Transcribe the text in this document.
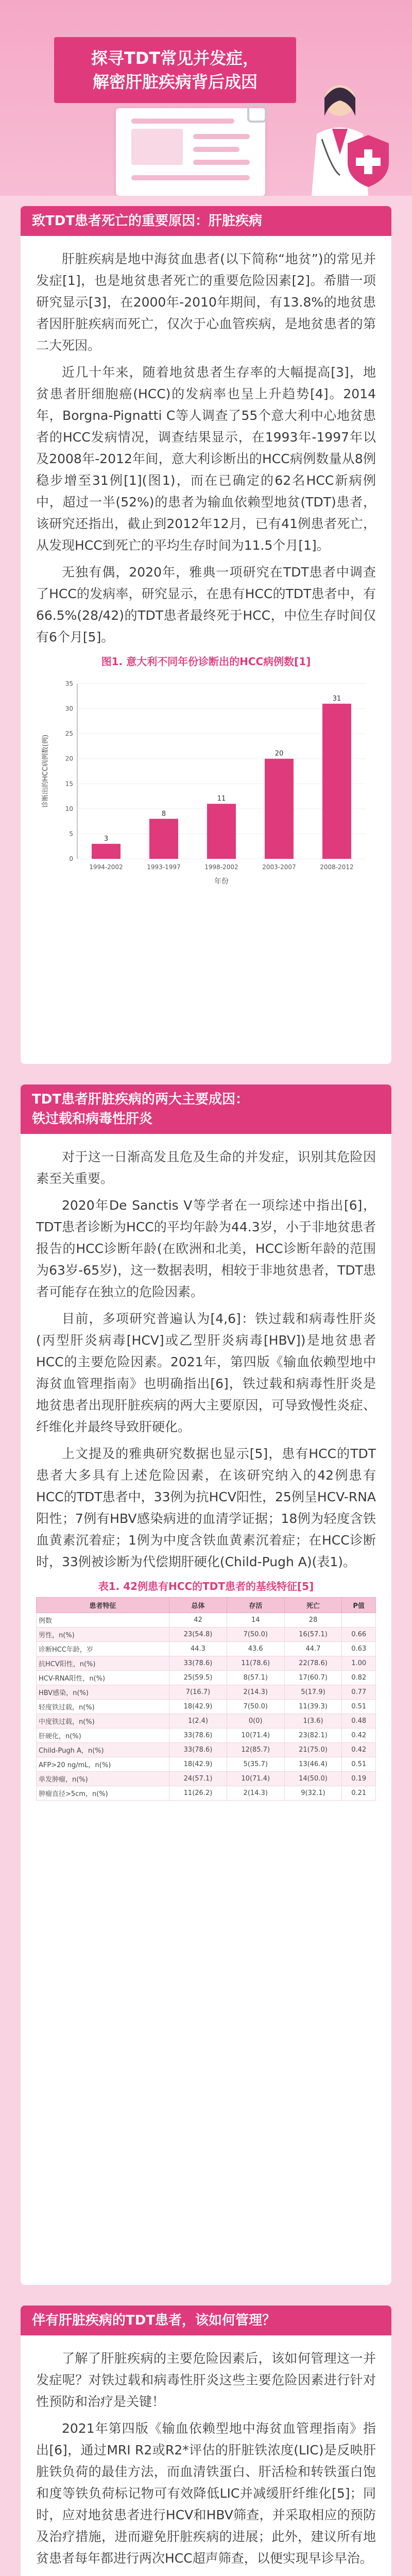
探寻TDT常见并发症，
解密肝脏疾病背后成因
致TDT患者死亡的重要原因：肝脏疾病

肝脏疾病是地中海贫血患者(以下简称“地贫”)的常见并发症[1]，也是地贫患者死亡的重要危险因素[2]。希腊一项研究显示[3]，在2000年-2010年期间，有13.8%的地贫患者因肝脏疾病而死亡，仅次于心血管疾病，是地贫患者的第二大死因。

近几十年来，随着地贫患者生存率的大幅提高[3]，地贫患者肝细胞癌(HCC)的发病率也呈上升趋势[4]。2014年，Borgna-Pignatti C等人调查了55个意大利中心地贫患者的HCC发病情况，调查结果显示，在1993年-1997年以及2008年-2012年间，意大利诊断出的HCC病例数量从8例稳步增至31例[1](图1)，而在已确定的62名HCC新病例中，超过一半(52%)的患者为输血依赖型地贫(TDT)患者，该研究还指出，截止到2012年12月，已有41例患者死亡，从发现HCC到死亡的平均生存时间为11.5个月[1]。

无独有偶，2020年，雅典一项研究在TDT患者中调查了HCC的发病率，研究显示，在患有HCC的TDT患者中，有66.5%(28/42)的TDT患者最终死于HCC，中位生存时间仅有6个月[5]。

图1. 意大利不同年份诊断出的HCC病例数[1]
0
5
10
15
20
25
30
35
3
1994-2002
8
1993-1997
11
1998-2002
20
2003-2007
31
2008-2012
年份
诊断出的HCC病例数(例)
TDT患者肝脏疾病的两大主要成因：
铁过载和病毒性肝炎

对于这一日渐高发且危及生命的并发症，识别其危险因素至关重要。

2020年De Sanctis V等学者在一项综述中指出[6]，TDT患者诊断为HCC的平均年龄为44.3岁，小于非地贫患者报告的HCC诊断年龄(在欧洲和北美，HCC诊断年龄的范围为63岁-65岁)，这一数据表明，相较于非地贫患者，TDT患者可能存在独立的危险因素。

目前，多项研究普遍认为[4,6]：铁过载和病毒性肝炎(丙型肝炎病毒[HCV]或乙型肝炎病毒[HBV])是地贫患者HCC的主要危险因素。2021年，第四版《输血依赖型地中海贫血管理指南》也明确指出[6]，铁过载和病毒性肝炎是地贫患者出现肝脏疾病的两大主要原因，可导致慢性炎症、纤维化并最终导致肝硬化。

上文提及的雅典研究数据也显示[5]，患有HCC的TDT患者大多具有上述危险因素，在该研究纳入的42例患有HCC的TDT患者中，33例为抗HCV阳性，25例呈HCV-RNA阳性；7例有HBV感染病进的血清学证据；18例为轻度含铁血黄素沉着症；1例为中度含铁血黄素沉着症；在HCC诊断时，33例被诊断为代偿期肝硬化(Child-Pugh A)(表1)。

表1. 42例患有HCC的TDT患者的基线特征[5]
患者特征	总体	存活	死亡	P值
例数	42	14	28	
男性，n(%)	23(54.8)	7(50.0)	16(57.1)	0.66
诊断HCC年龄，岁	44.3	43.6	44.7	0.63
抗HCV阳性，n(%)	33(78.6)	11(78.6)	22(78.6)	1.00
HCV-RNA阳性，n(%)	25(59.5)	8(57.1)	17(60.7)	0.82
HBV感染，n(%)	7(16.7)	2(14.3)	5(17.9)	0.77
轻度铁过载，n(%)	18(42.9)	7(50.0)	11(39.3)	0.51
中度铁过载，n(%)	1(2.4)	0(0)	1(3.6)	0.48
肝硬化，n(%)	33(78.6)	10(71.4)	23(82.1)	0.42
Child-Pugh A，n(%)	33(78.6)	12(85.7)	21(75.0)	0.42
AFP>20 ng/mL，n(%)	18(42.9)	5(35.7)	13(46.4)	0.51
单发肿瘤，n(%)	24(57.1)	10(71.4)	14(50.0)	0.19
肿瘤直径>5cm，n(%)	11(26.2)	2(14.3)	9(32.1)	0.21
伴有肝脏疾病的TDT患者，该如何管理？

了解了肝脏疾病的主要危险因素后，该如何管理这一并发症呢？对铁过载和病毒性肝炎这些主要危险因素进行针对性预防和治疗是关键！

2021年第四版《输血依赖型地中海贫血管理指南》指出[6]，通过MRI R2或R2*评估的肝脏铁浓度(LIC)是反映肝脏铁负荷的最佳方法，而血清铁蛋白、肝活检和转铁蛋白饱和度等铁负荷标记物可有效降低LIC并减缓肝纤维化[5]；同时，应对地贫患者进行HCV和HBV筛查，并采取相应的预防及治疗措施，进而避免肝脏疾病的进展；此外，建议所有地贫患者每年都进行两次HCC超声筛查，以便实现早诊早治。
